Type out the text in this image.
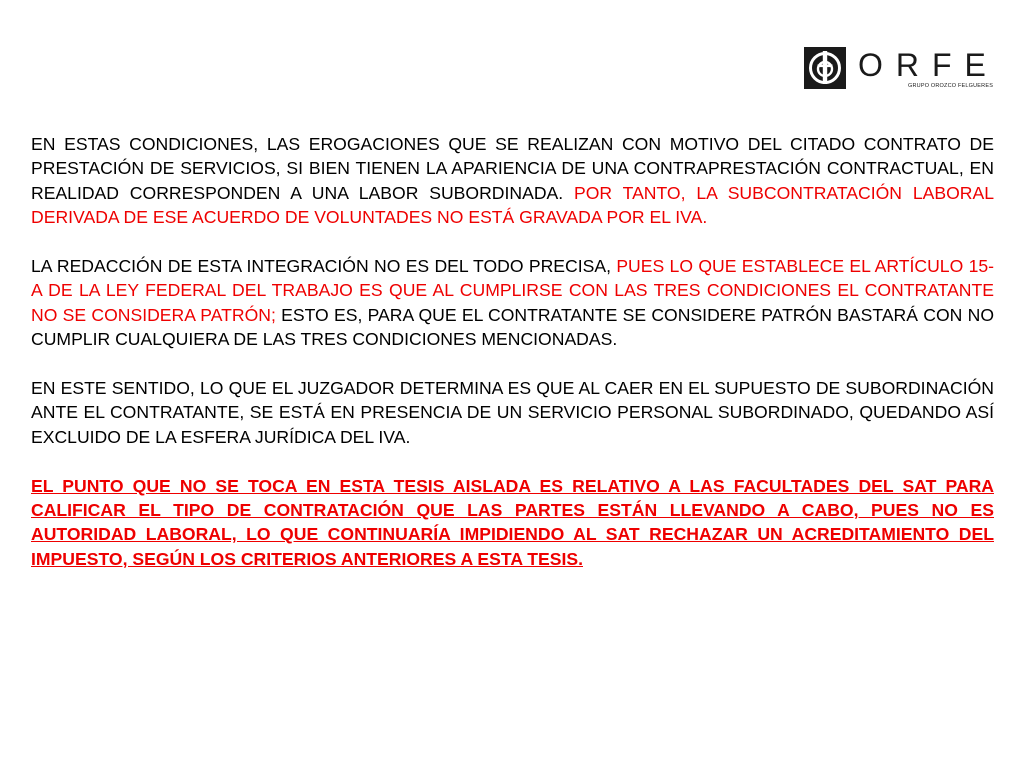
ORFE
GRUPO OROZCO FELGUERES

EN ESTAS CONDICIONES, LAS EROGACIONES QUE SE REALIZAN CON MOTIVO DEL CITADO CONTRATO DE PRESTACIÓN DE SERVICIOS, SI BIEN TIENEN LA APARIENCIA DE UNA CONTRAPRESTACIÓN CONTRACTUAL, EN REALIDAD CORRESPONDEN A UNA LABOR SUBORDINADA. POR TANTO, LA SUBCONTRATACIÓN LABORAL DERIVADA DE ESE ACUERDO DE VOLUNTADES NO ESTÁ GRAVADA POR EL IVA.

LA REDACCIÓN DE ESTA INTEGRACIÓN NO ES DEL TODO PRECISA, PUES LO QUE ESTABLECE EL ARTÍCULO 15-A DE LA LEY FEDERAL DEL TRABAJO ES QUE AL CUMPLIRSE CON LAS TRES CONDICIONES EL CONTRATANTE NO SE CONSIDERA PATRÓN; ESTO ES, PARA QUE EL CONTRATANTE SE CONSIDERE PATRÓN BASTARÁ CON NO CUMPLIR CUALQUIERA DE LAS TRES CONDICIONES MENCIONADAS.

EN ESTE SENTIDO, LO QUE EL JUZGADOR DETERMINA ES QUE AL CAER EN EL SUPUESTO DE SUBORDINACIÓN ANTE EL CONTRATANTE, SE ESTÁ EN PRESENCIA DE UN SERVICIO PERSONAL SUBORDINADO, QUEDANDO ASÍ EXCLUIDO DE LA ESFERA JURÍDICA DEL IVA.

EL PUNTO QUE NO SE TOCA EN ESTA TESIS AISLADA ES RELATIVO A LAS FACULTADES DEL SAT PARA CALIFICAR EL TIPO DE CONTRATACIÓN QUE LAS PARTES ESTÁN LLEVANDO A CABO, PUES NO ES AUTORIDAD LABORAL, LO QUE CONTINUARÍA IMPIDIENDO AL SAT RECHAZAR UN ACREDITAMIENTO DEL IMPUESTO, SEGÚN LOS CRITERIOS ANTERIORES A ESTA TESIS.
